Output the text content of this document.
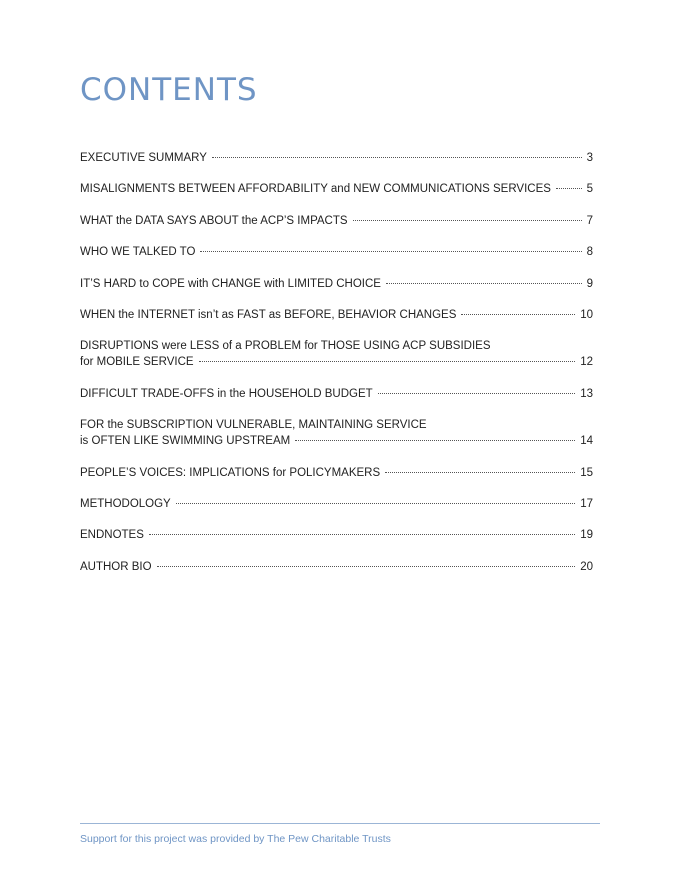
CONTENTS
EXECUTIVE SUMMARY	3
MISALIGNMENTS BETWEEN AFFORDABILITY and NEW COMMUNICATIONS SERVICES	5
WHAT the DATA SAYS ABOUT the ACP’S IMPACTS	7
WHO WE TALKED TO	8
IT’S HARD to COPE with CHANGE with LIMITED CHOICE	9
WHEN the INTERNET isn’t as FAST as BEFORE, BEHAVIOR CHANGES	10
DISRUPTIONS were LESS of a PROBLEM for THOSE USING ACP SUBSIDIES
for MOBILE SERVICE	12
DIFFICULT TRADE-OFFS in the HOUSEHOLD BUDGET	13
FOR the SUBSCRIPTION VULNERABLE, MAINTAINING SERVICE
is OFTEN LIKE SWIMMING UPSTREAM	14
PEOPLE’S VOICES: IMPLICATIONS for POLICYMAKERS	15
METHODOLOGY	17
ENDNOTES	19
AUTHOR BIO	20
Support for this project was provided by The Pew Charitable Trusts
